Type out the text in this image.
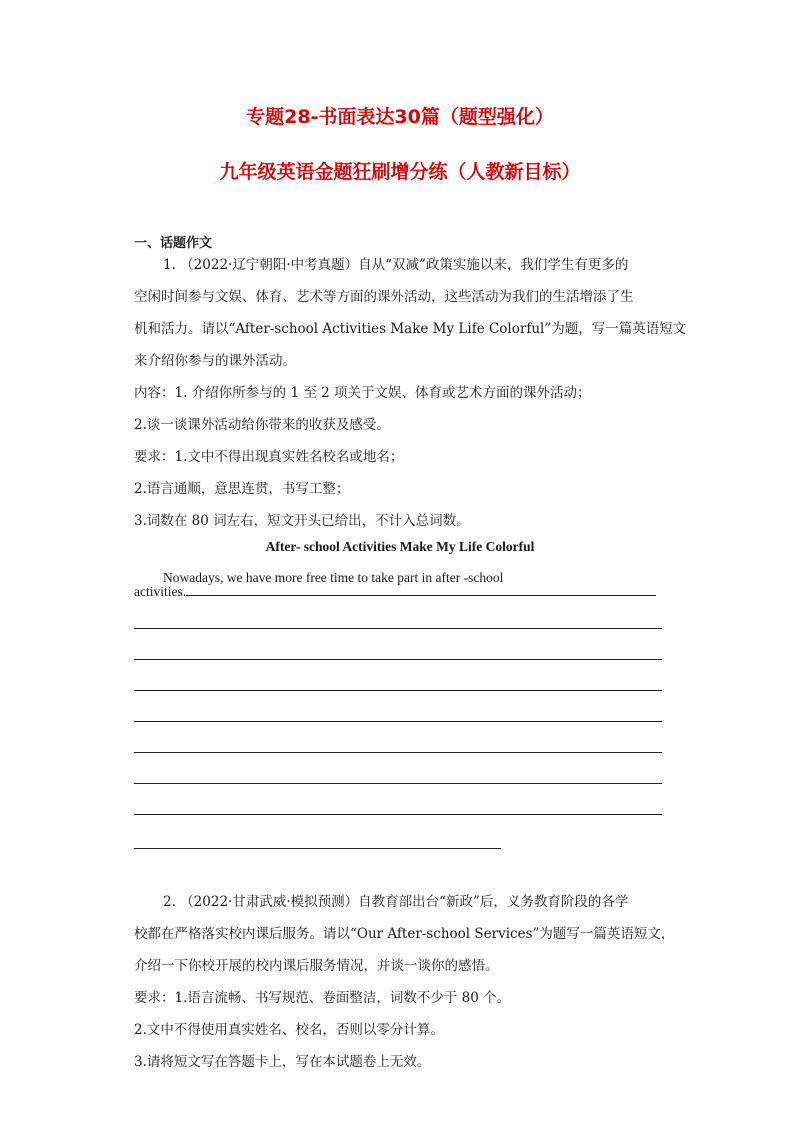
专题28-书面表达30篇（题型强化）
九年级英语金题狂刷增分练（人教新目标）
一、话题作文
1. （2022·辽宁朝阳·中考真题）自从“双减”政策实施以来，我们学生有更多的
空闲时间参与文娱、体育、艺术等方面的课外活动，这些活动为我们的生活增添了生
机和活力。请以“After-school Activities Make My Life Colorful”为题，写一篇英语短文
来介绍你参与的课外活动。
内容：1. 介绍你所参与的 1 至 2 项关于文娱、体育或艺术方面的课外活动；
2.谈一谈课外活动给你带来的收获及感受。
要求：1.文中不得出现真实姓名校名或地名；
2.语言通顺，意思连贯，书写工整；
3.词数在 80 词左右，短文开头已给出，不计入总词数。
After- school Activities Make My Life Colorful
Nowadays, we have more free time to take part in after -school
activities.
2. （2022·甘肃武威·模拟预测）自教育部出台“新政”后，义务教育阶段的各学
校都在严格落实校内课后服务。请以“Our After-school Services”为题写一篇英语短文，
介绍一下你校开展的校内课后服务情况，并谈一谈你的感悟。
要求：1.语言流畅、书写规范、卷面整洁，词数不少于 80 个。
2.文中不得使用真实姓名、校名，否则以零分计算。
3.请将短文写在答题卡上，写在本试题卷上无效。
